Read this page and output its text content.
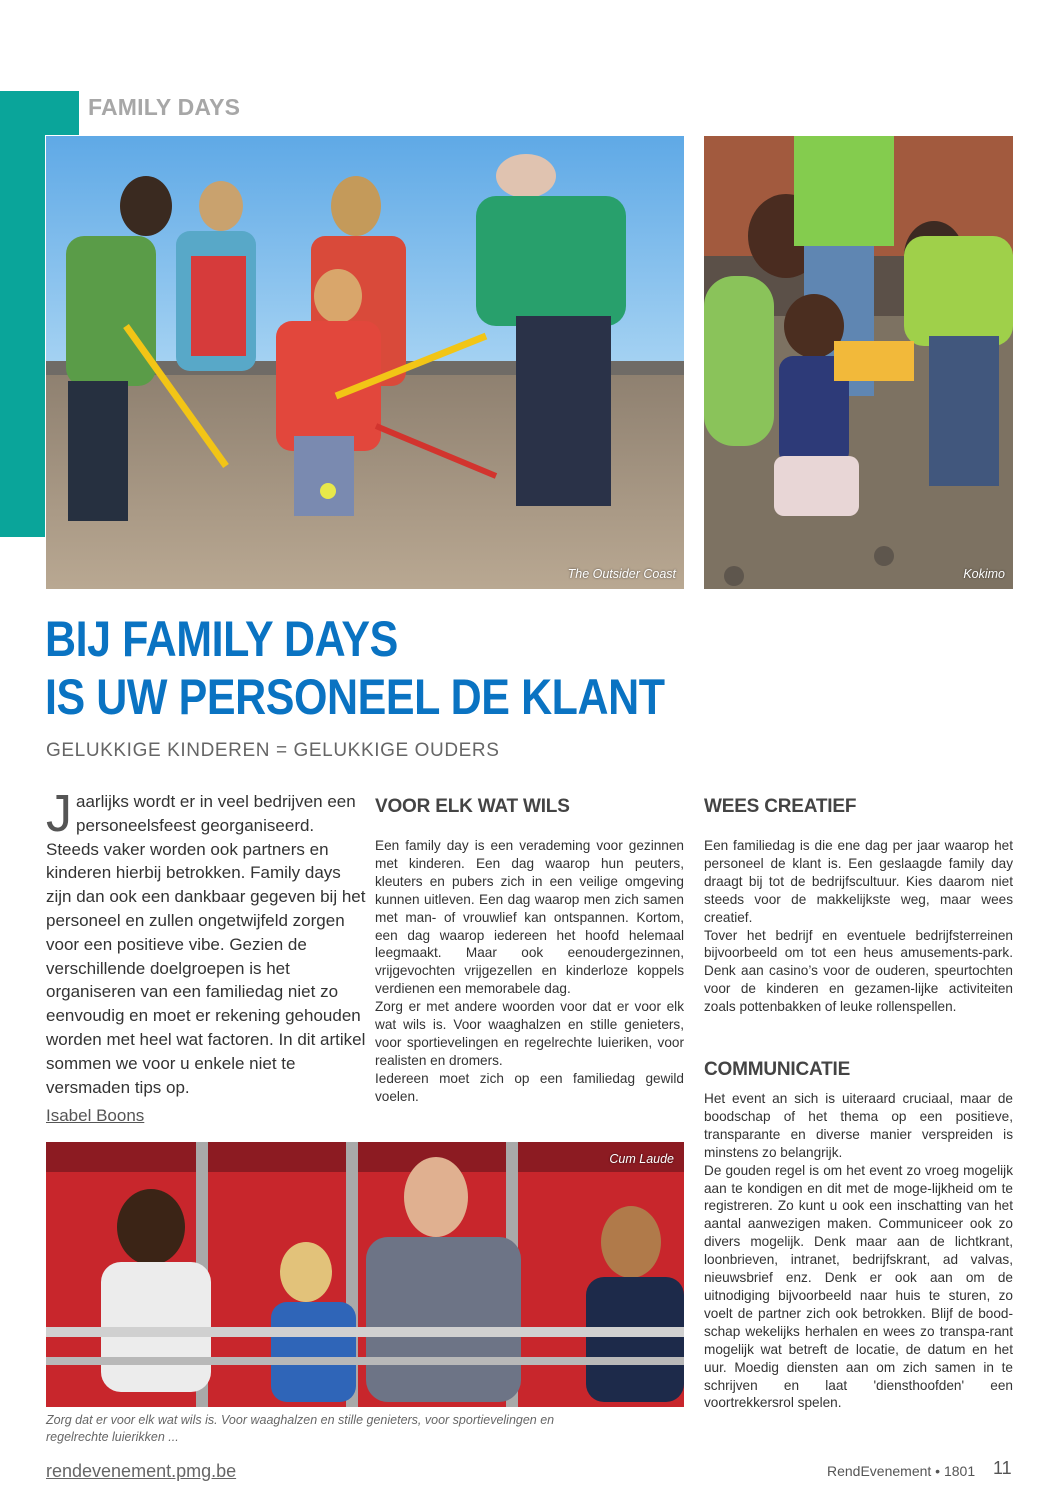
FAMILY DAYS
The Outsider Coast	Kokimo
BIJ FAMILY DAYS
IS UW PERSONEEL DE KLANT
GELUKKIGE KINDEREN = GELUKKIGE OUDERS
J aarlijks wordt er in veel bedrijven een personeelsfeest georganiseerd. Steeds vaker worden ook partners en kinderen hierbij betrokken. Family days zijn dan ook een dankbaar gegeven bij het personeel en zullen ongetwijfeld zorgen voor een positieve vibe. Gezien de verschillende doelgroepen is het organiseren van een familiedag niet zo eenvoudig en moet er rekening gehouden worden met heel wat factoren. In dit artikel sommen we voor u enkele niet te versmaden tips op.
Isabel Boons
VOOR ELK WAT WILS

Een family day is een verademing voor gezinnen met kinderen. Een dag waarop hun peuters, kleuters en pubers zich in een veilige omgeving kunnen uitleven. Een dag waarop men zich samen met man- of vrouwlief kan ontspannen. Kortom, een dag waarop iedereen het hoofd helemaal leegmaakt. Maar ook eenoudergezinnen, vrijgevochten vrijgezellen en kinderloze koppels verdienen een memorabele dag.

Zorg er met andere woorden voor dat er voor elk wat wils is. Voor waaghalzen en stille genieters, voor sportievelingen en regelrechte luieriken, voor realisten en dromers.

Iedereen moet zich op een familiedag gewild voelen.

WEES CREATIEF

Een familiedag is die ene dag per jaar waarop het personeel de klant is. Een geslaagde family day draagt bij tot de bedrijfscultuur. Kies daarom niet steeds voor de makkelijkste weg, maar wees creatief.

Tover het bedrijf en eventuele bedrijfsterreinen bijvoorbeeld om tot een heus amusements-park. Denk aan casino’s voor de ouderen, speurtochten voor de kinderen en gezamen-lijke activiteiten zoals pottenbakken of leuke rollenspellen.

COMMUNICATIE

Het event an sich is uiteraard cruciaal, maar de boodschap of het thema op een positieve, transparante en diverse manier verspreiden is minstens zo belangrijk.

De gouden regel is om het event zo vroeg mogelijk aan te kondigen en dit met de moge-lijkheid om te registreren. Zo kunt u ook een inschatting van het aantal aanwezigen maken. Communiceer ook zo divers mogelijk. Denk maar aan de lichtkrant, loonbrieven, intranet, bedrijfskrant, ad valvas, nieuwsbrief enz. Denk er ook aan om de uitnodiging bijvoorbeeld naar huis te sturen, zo voelt de partner zich ook betrokken. Blijf de bood-schap wekelijks herhalen en wees zo transpa-rant mogelijk wat betreft de locatie, de datum en het uur. Moedig diensten aan om zich samen in te schrijven en laat 'diensthoofden' een voortrekkersrol spelen.

Cum Laude
Zorg dat er voor elk wat wils is. Voor waaghalzen en stille genieters, voor sportievelingen en regelrechte luierikken ...
rendevenement.pmg.be	RendEvenement • 1801 11
